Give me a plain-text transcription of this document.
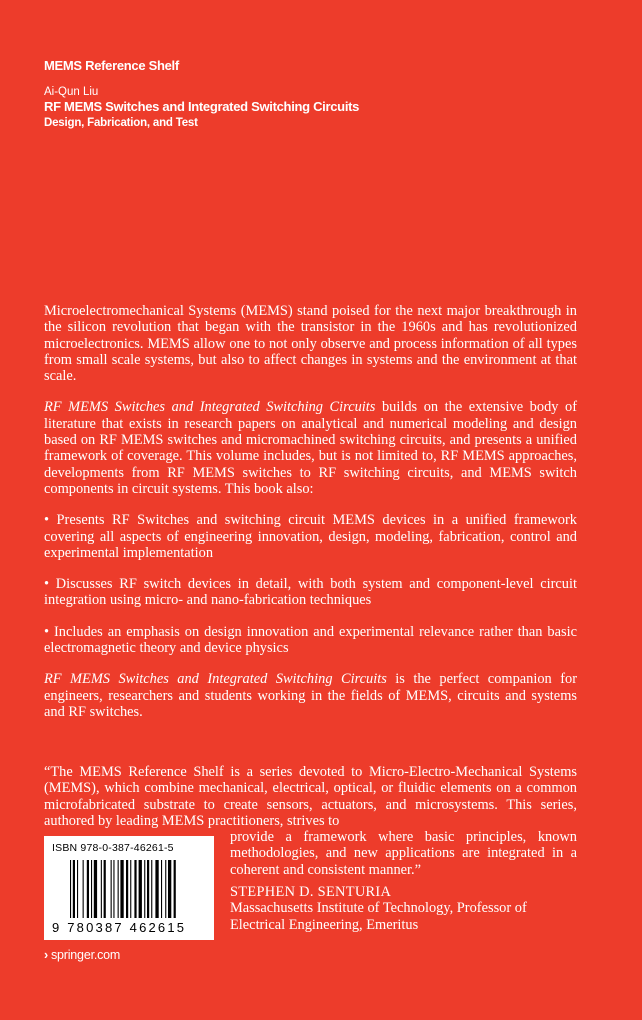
MEMS Reference Shelf
Ai-Qun Liu
RF MEMS Switches and Integrated Switching Circuits
Design, Fabrication, and Test

Microelectromechanical Systems (MEMS) stand poised for the next major breakthrough in the silicon revolution that began with the transistor in the 1960s and has revolutionized microelectronics. MEMS allow one to not only observe and process information of all types from small scale systems, but also to affect changes in systems and the environment at that scale.

RF MEMS Switches and Integrated Switching Circuits builds on the extensive body of literature that exists in research papers on analytical and numerical modeling and design based on RF MEMS switches and micromachined switching circuits, and presents a unified framework of coverage. This volume includes, but is not limited to, RF MEMS approaches, developments from RF MEMS switches to RF switching circuits, and MEMS switch components in circuit systems. This book also:

• Presents RF Switches and switching circuit MEMS devices in a unified framework covering all aspects of engineering innovation, design, modeling, fabrication, control and experimental implementation

• Discusses RF switch devices in detail, with both system and component-level circuit integration using micro- and nano-fabrication techniques

• Includes an emphasis on design innovation and experimental relevance rather than basic electromagnetic theory and device physics

RF MEMS Switches and Integrated Switching Circuits is the perfect companion for engineers, researchers and students working in the fields of MEMS, circuits and systems and RF switches.

“The MEMS Reference Shelf is a series devoted to Micro-Electro-Mechanical Systems (MEMS), which combine mechanical, electrical, optical, or fluidic elements on a common microfabricated substrate to create sensors, actuators, and microsystems. This series, authored by leading MEMS practitioners, strives to

provide a framework where basic principles, known methodologies, and new applications are integrated in a coherent and consistent manner.”

ISBN 978-0-387-46261-5
9 780387 462615
STEPHEN D. SENTURIA
Massachusetts Institute of Technology, Professor of
Electrical Engineering, Emeritus
› springer.com
